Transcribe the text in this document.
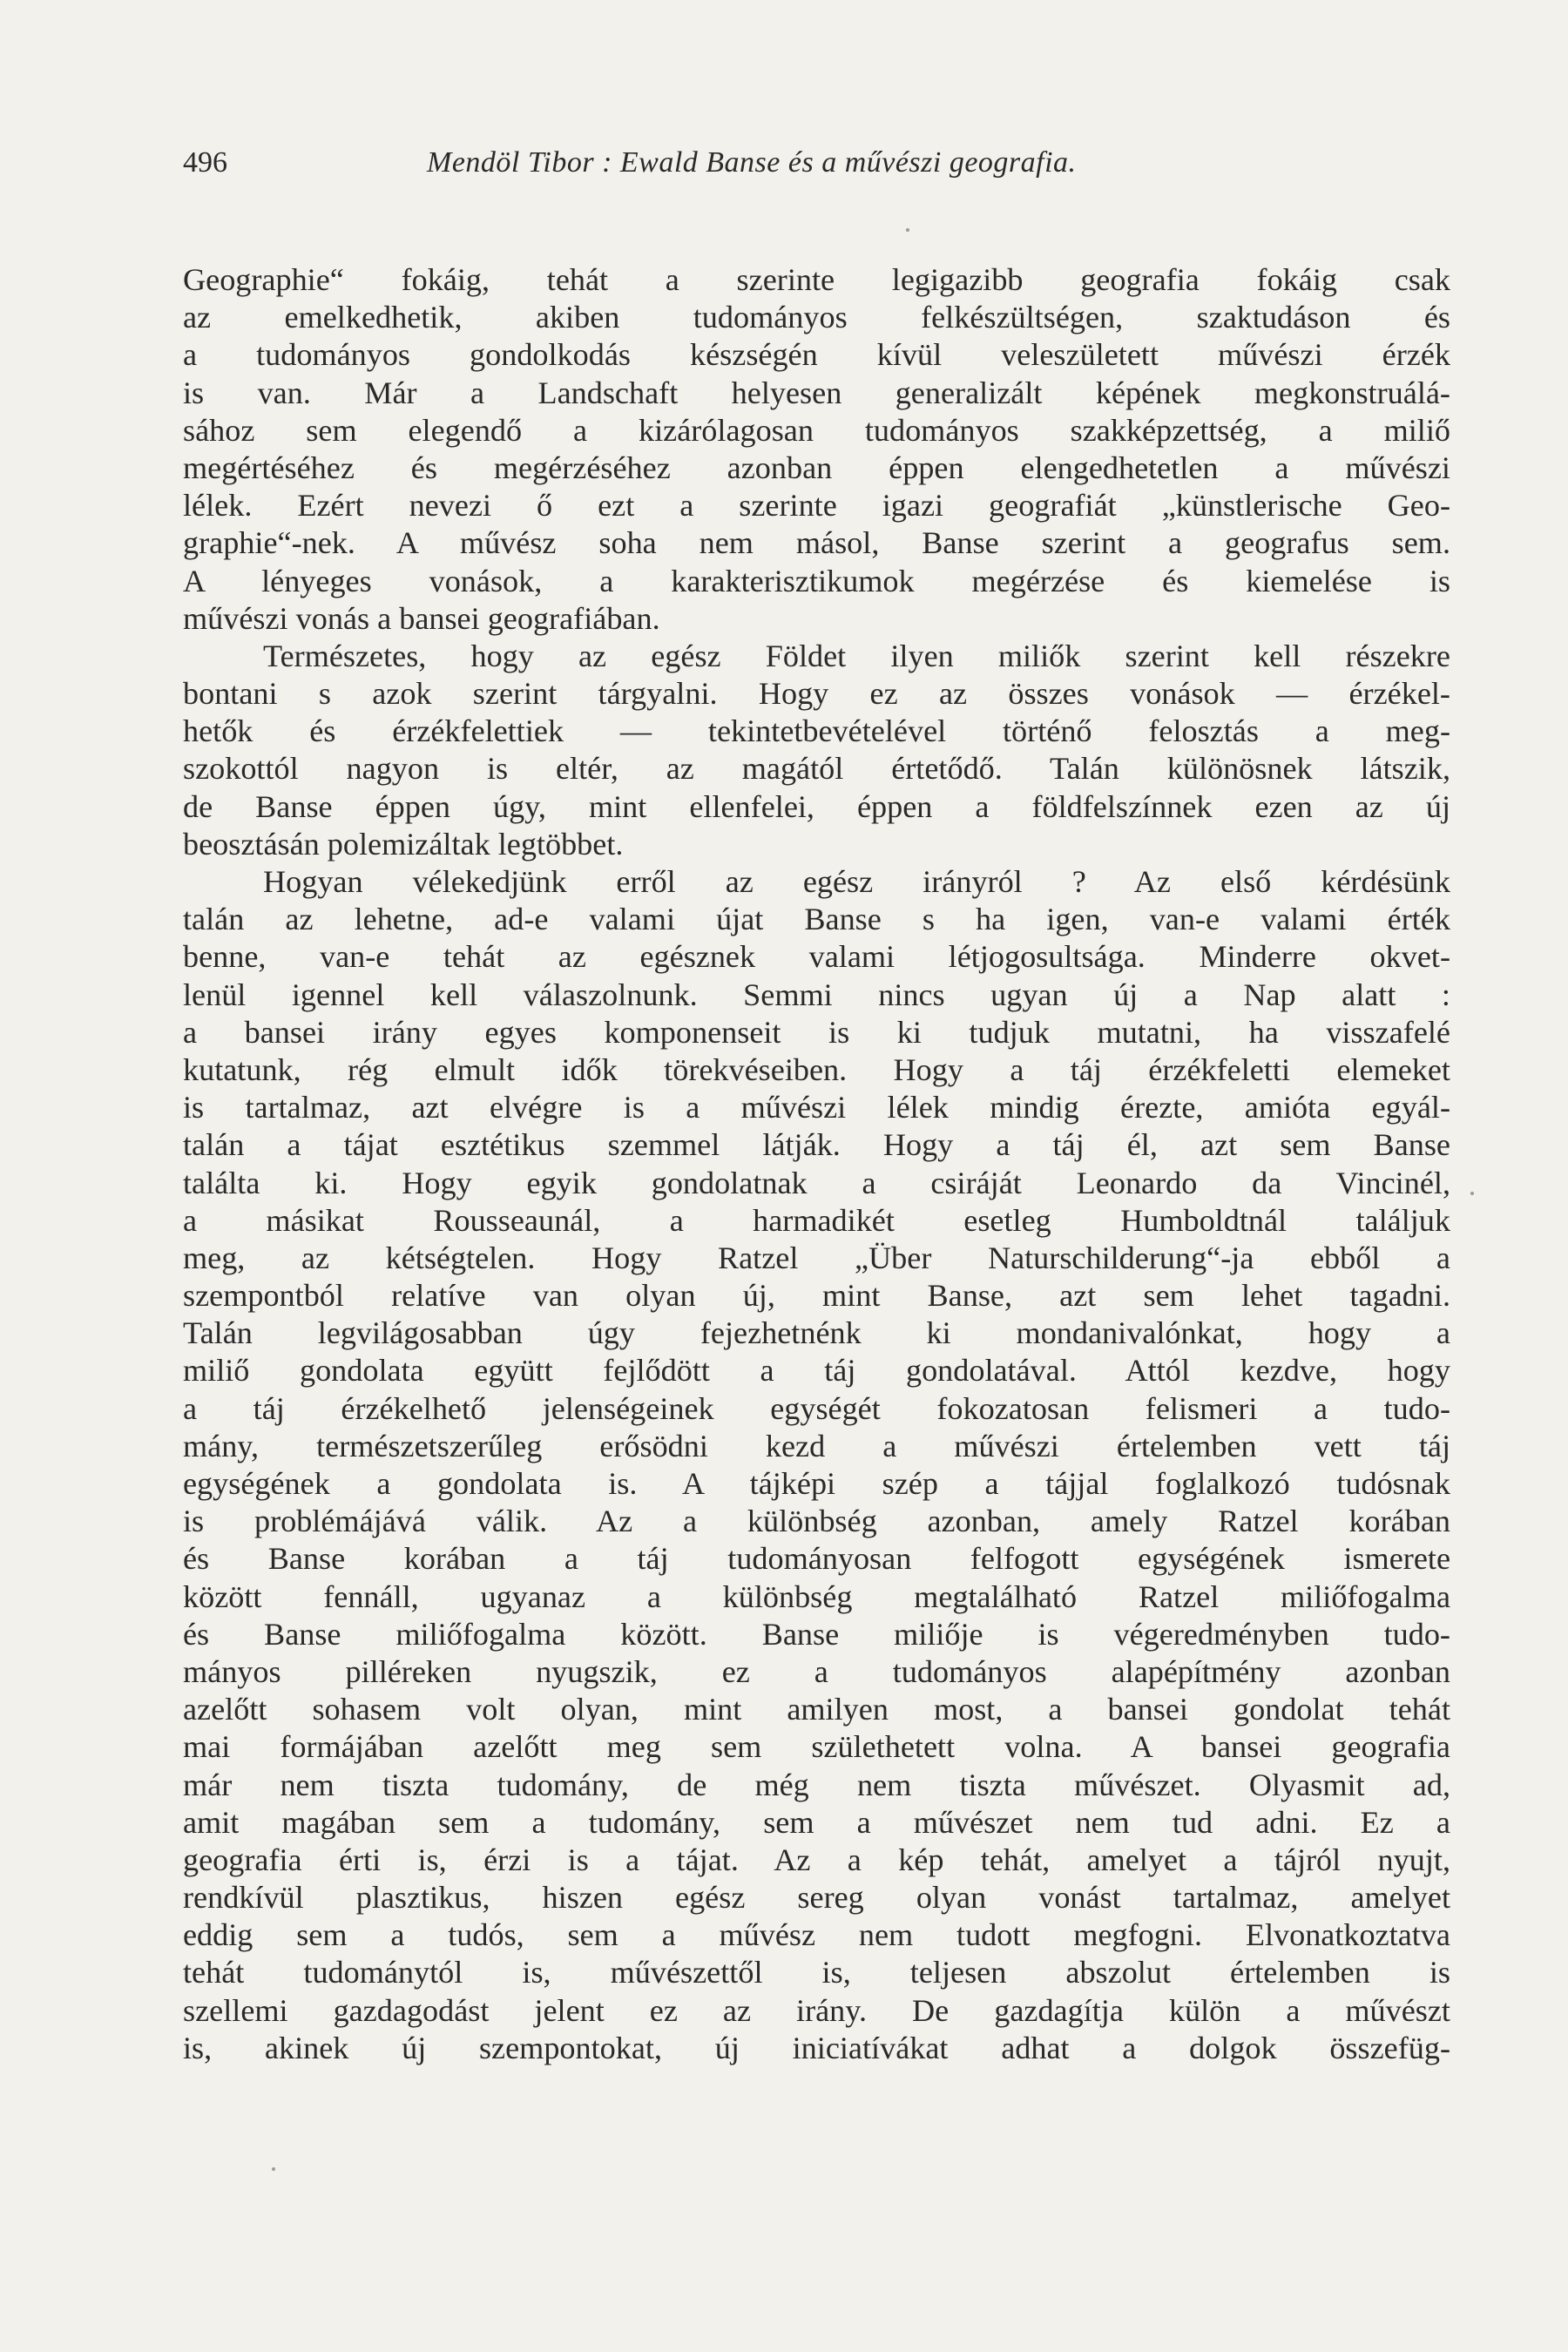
496	Mendöl Tibor : Ewald Banse és a művészi geografia.
Geographie“ fokáig, tehát a szerinte legigazibb geografia fokáig csak
az emelkedhetik, akiben tudományos felkészültségen, szaktudáson és
a tudományos gondolkodás készségén kívül veleszületett művészi érzék
is van. Már a Landschaft helyesen generalizált képének megkonstruálá-
sához sem elegendő a kizárólagosan tudományos szakképzettség, a miliő
megértéséhez és megérzéséhez azonban éppen elengedhetetlen a művészi
lélek. Ezért nevezi ő ezt a szerinte igazi geografiát „künstlerische Geo-
graphie“-nek. A művész soha nem másol, Banse szerint a geografus sem.
A lényeges vonások, a karakterisztikumok megérzése és kiemelése is
művészi vonás a bansei geografiában.
Természetes, hogy az egész Földet ilyen miliők szerint kell részekre
bontani s azok szerint tárgyalni. Hogy ez az összes vonások — érzékel-
hetők és érzékfelettiek — tekintetbevételével történő felosztás a meg-
szokottól nagyon is eltér, az magától értetődő. Talán különösnek látszik,
de Banse éppen úgy, mint ellenfelei, éppen a földfelszínnek ezen az új
beosztásán polemizáltak legtöbbet.
Hogyan vélekedjünk erről az egész irányról ? Az első kérdésünk
talán az lehetne, ad-e valami újat Banse s ha igen, van-e valami érték
benne, van-e tehát az egésznek valami létjogosultsága. Minderre okvet-
lenül igennel kell válaszolnunk. Semmi nincs ugyan új a Nap alatt :
a bansei irány egyes komponenseit is ki tudjuk mutatni, ha visszafelé
kutatunk, rég elmult idők törekvéseiben. Hogy a táj érzékfeletti elemeket
is tartalmaz, azt elvégre is a művészi lélek mindig érezte, amióta egyál-
talán a tájat esztétikus szemmel látják. Hogy a táj él, azt sem Banse
találta ki. Hogy egyik gondolatnak a csiráját Leonardo da Vincinél,
a másikat Rousseaunál, a harmadikét esetleg Humboldtnál találjuk
meg, az kétségtelen. Hogy Ratzel „Über Naturschilderung“-ja ebből a
szempontból relatíve van olyan új, mint Banse, azt sem lehet tagadni.
Talán legvilágosabban úgy fejezhetnénk ki mondanivalónkat, hogy a
miliő gondolata együtt fejlődött a táj gondolatával. Attól kezdve, hogy
a táj érzékelhető jelenségeinek egységét fokozatosan felismeri a tudo-
mány, természetszerűleg erősödni kezd a művészi értelemben vett táj
egységének a gondolata is. A tájképi szép a tájjal foglalkozó tudósnak
is problémájává válik. Az a különbség azonban, amely Ratzel korában
és Banse korában a táj tudományosan felfogott egységének ismerete
között fennáll, ugyanaz a különbség megtalálható Ratzel miliőfogalma
és Banse miliőfogalma között. Banse miliője is végeredményben tudo-
mányos pilléreken nyugszik, ez a tudományos alapépítmény azonban
azelőtt sohasem volt olyan, mint amilyen most, a bansei gondolat tehát
mai formájában azelőtt meg sem születhetett volna. A bansei geografia
már nem tiszta tudomány, de még nem tiszta művészet. Olyasmit ad,
amit magában sem a tudomány, sem a művészet nem tud adni. Ez a
geografia érti is, érzi is a tájat. Az a kép tehát, amelyet a tájról nyujt,
rendkívül plasztikus, hiszen egész sereg olyan vonást tartalmaz, amelyet
eddig sem a tudós, sem a művész nem tudott megfogni. Elvonatkoztatva
tehát tudománytól is, művészettől is, teljesen abszolut értelemben is
szellemi gazdagodást jelent ez az irány. De gazdagítja külön a művészt
is, akinek új szempontokat, új iniciatívákat adhat a dolgok összefüg-
